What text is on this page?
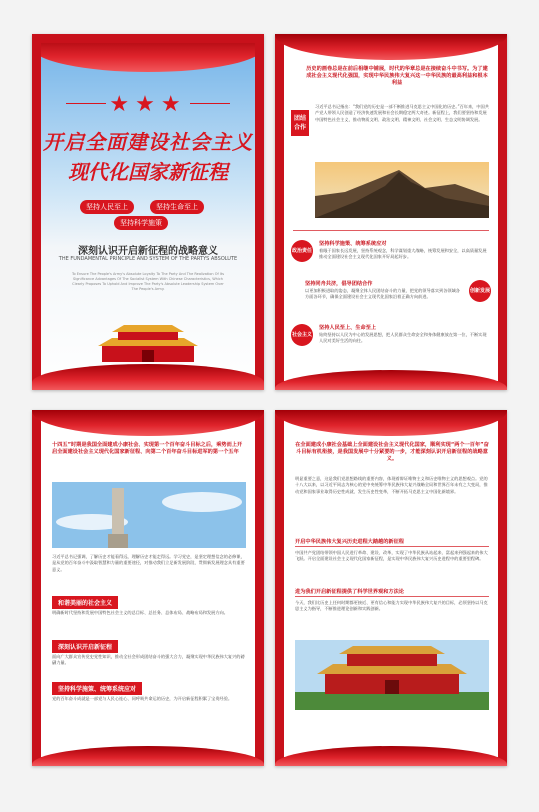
★★★
开启全面建设社会主义
现代化国家新征程
坚持人民至上	坚持生命至上
坚持科学施策
深刻认识开启新征程的战略意义
THE FUNDAMENTAL PRINCIPLE AND SYSTEM OF THE PARTYS ABSOLUTE
To Ensure The People's Army's Absolute Loyalty To The Party And The Realization Of Its Significance Advantages Of The Socialist System With Chinese Characteristics, Which Clearly Proposes To Uphold And Improve The Party's Absolute Leadership System Over The People's Army.
历史的画卷总是在前后相继中铺展，时代的华章总是在接续奋斗中书写。为了建成社会主义现代化强国，实现中华民族伟大复兴这一中华民族的最高利益和根本利益
团结合作
习近平总书记指出：“我们党的历史是一部不断推进马克思主义中国化的历史。”百年来，中国共产党人带领人民创造了经济快速发展和社会长期稳定两大奇迹。新征程上，我们要坚持和发展中国特色社会主义，推动物质文明、政治文明、精神文明、社会文明、生态文明协调发展。
政治责任
坚持科学施策、统筹系统应对
着眼于国家长远发展，坚持系统观念，科学谋划重大战略，统筹发展和安全，以高质量发展推动全面建设社会主义现代化国家开好局起好步。
坚持同舟共济，倡导团结合作
创新发展
以更加积极进取的姿态，凝聚全体人民团结奋斗的力量，把党的领导落实到各领域各方面各环节，确保全面建设社会主义现代化国家沿着正确方向前进。
社会主义
坚持人民至上、生命至上
始终坚持以人民为中心的发展思想，把人民群众生命安全和身体健康放在第一位，不断实现人民对美好生活的向往。
十四五”时期是我国全面建成小康社会、实现第一个百年奋斗目标之后，乘势而上开启全面建设社会主义现代化国家新征程、向第二个百年奋斗目标进军的第一个五年
习近平总书记强调，了解历史才能看得远，理解历史才能走得远。学习党史，是坚定理想信念的必修课，是从党的百年奋斗中汲取智慧和力量的重要途径，对推动我们立足新发展阶段、贯彻新发展理念具有重要意义。
和谐美丽的社会主义
明确新时代坚持和发展中国特色社会主义的总目标、总任务、总体布局、战略布局和发展方向。
深刻认识开启新征程
面向广大群众宣传党史党性知识，推动全社会形成团结奋斗的强大合力，凝聚实现中华民族伟大复兴的磅礴力量。
坚持科学施策、统筹系统应对
党的百年奋斗成就是一部党与人民心连心、同呼吸共命运的历史，为开启新征程积累了宝贵经验。
在全面建成小康社会基础上全面建设社会主义现代化国家，顺利实现“两个一百年”奋斗目标有机衔接，是我国发展中十分紧要的一步，才能深刻认识开启新征程的战略意义。
明显重要之意，这是我们党思想路线的重要内容，体现着辩证唯物主义和历史唯物主义的思想观点。党的十八大以来，以习近平同志为核心的党中央统筹中华民族伟大复兴战略全局和世界百年未有之大变局，推动党和国家事业取得历史性成就、发生历史性变革，不断开拓马克思主义中国化新境界。
开启中华民族伟大复兴历史进程大踏越的新征程
中国共产党团结带领中国人民进行革命、建设、改革，实现了中华民族从站起来、富起来到强起来的伟大飞跃。开启全面建设社会主义现代化国家新征程，是实现中华民族伟大复兴历史进程中的重要里程碑。
进为我们开启新征程提供了科学世界观和方法论
今天，我们比历史上任何时期都更接近、更有信心和能力实现中华民族伟大复兴的目标，必须坚持以马克思主义为指导，不断推进理论创新和实践创新。
